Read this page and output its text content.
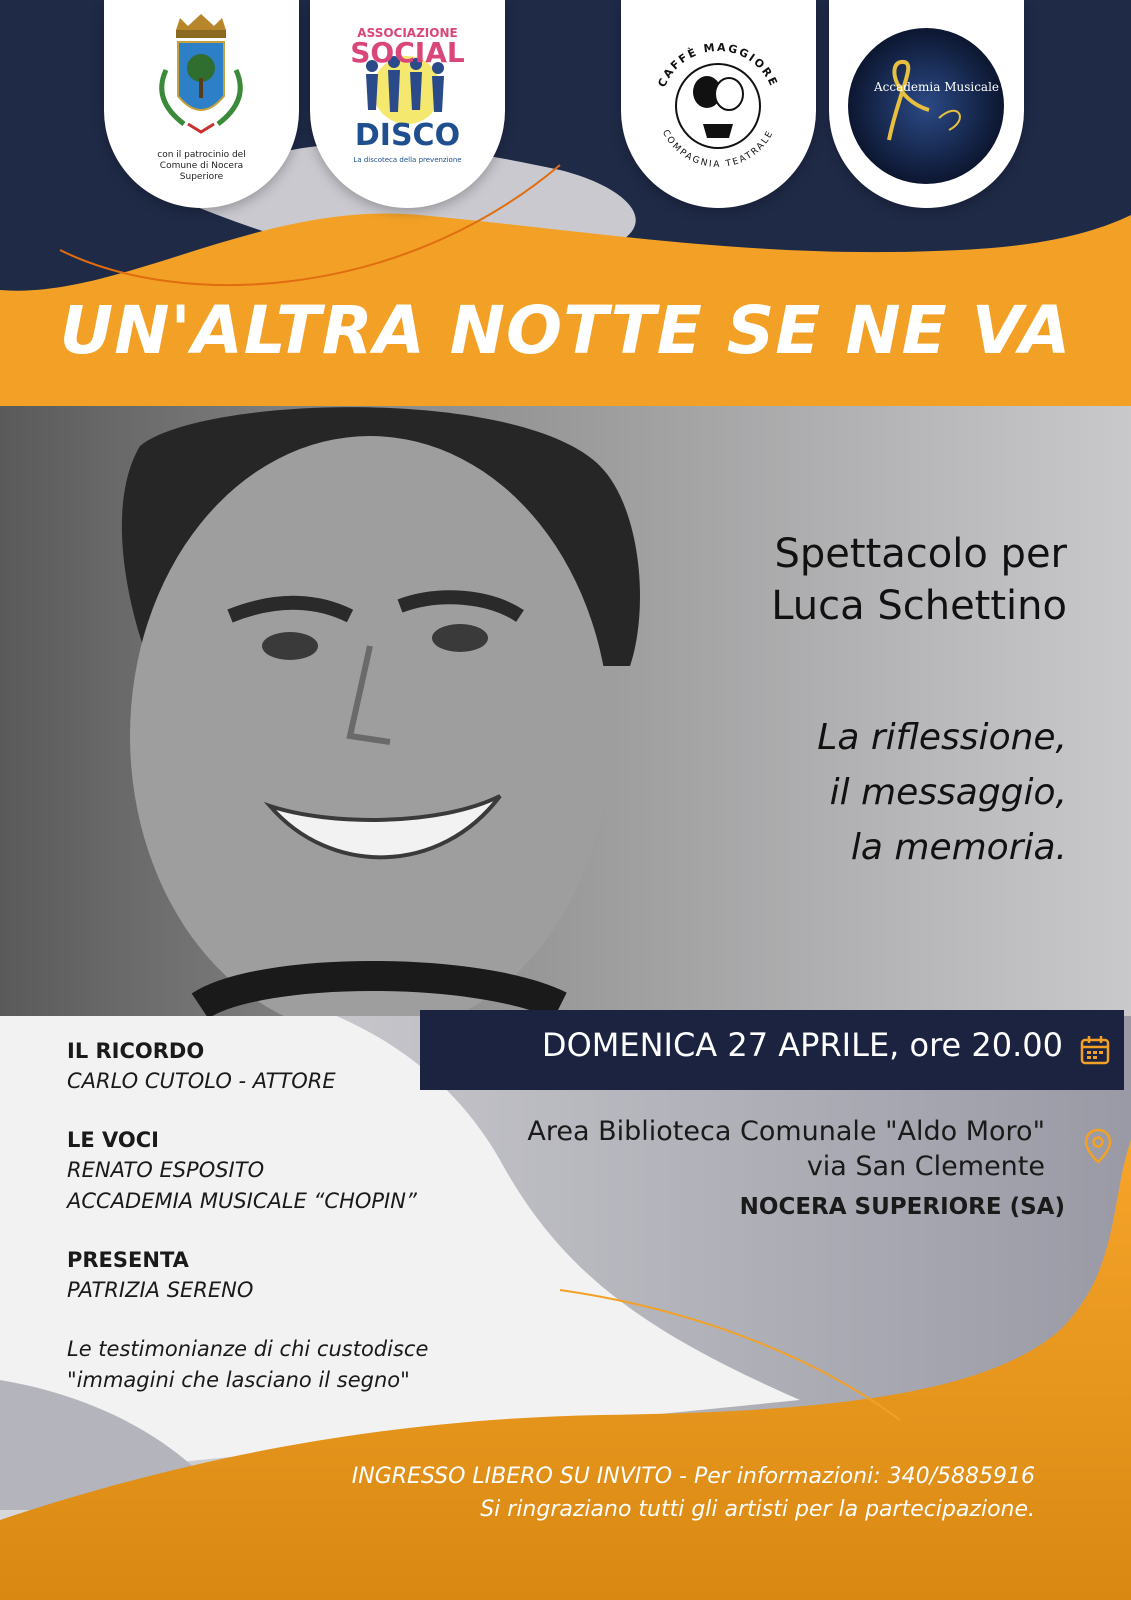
con il patrocinio del
Comune di Nocera
Superiore
ASSOCIAZIONE
SOCIAL
DISCO
La discoteca della prevenzione
CAFFÈ MAGGIORE
COMPAGNIA TEATRALE
Accademia Musicale
UN'ALTRA NOTTE SE NE VA
Spettacolo per
Luca Schettino
La riflessione,
il messaggio,
la memoria.
DOMENICA 27 APRILE, ore 20.00
Area Biblioteca Comunale "Aldo Moro"
via San Clemente
NOCERA SUPERIORE (SA)

IL RICORDO

CARLO CUTOLO - ATTORE

LE VOCI

RENATO ESPOSITO

ACCADEMIA MUSICALE “CHOPIN”

PRESENTA

PATRIZIA SERENO

Le testimonianze di chi custodisce

"immagini che lasciano il segno"

INGRESSO LIBERO SU INVITO - Per informazioni: 340/5885916
Si ringraziano tutti gli artisti per la partecipazione.
